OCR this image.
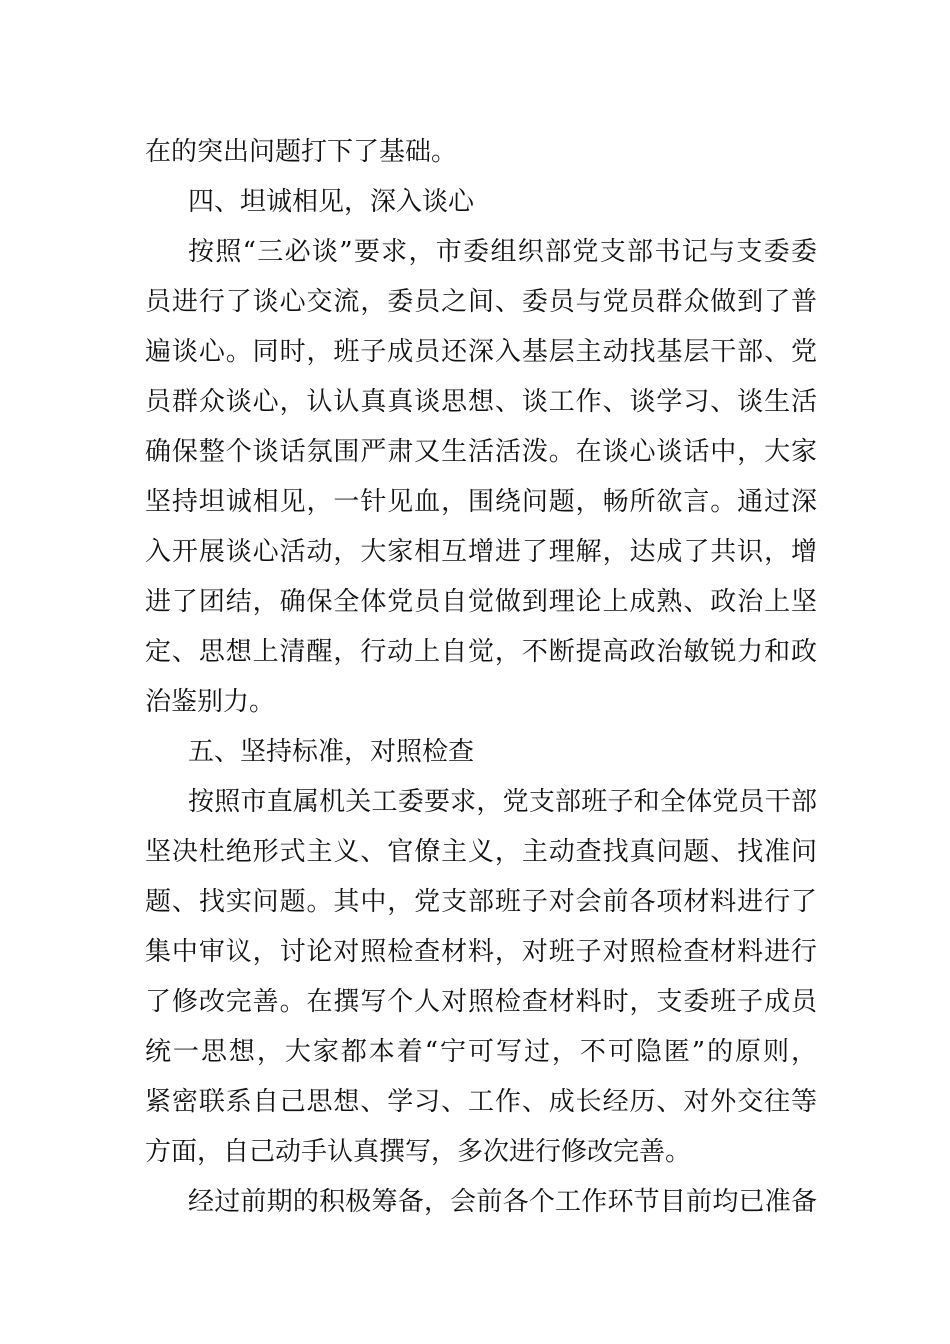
在的突出问题打下了基础。
四、坦诚相见，深入谈心
按照“三必谈”要求，市委组织部党支部书记与支委委
员进行了谈心交流，委员之间、委员与党员群众做到了普
遍谈心。同时，班子成员还深入基层主动找基层干部、党
员群众谈心，认认真真谈思想、谈工作、谈学习、谈生活
确保整个谈话氛围严肃又生活活泼。在谈心谈话中，大家
坚持坦诚相见，一针见血，围绕问题，畅所欲言。通过深
入开展谈心活动，大家相互增进了理解，达成了共识，增
进了团结，确保全体党员自觉做到理论上成熟、政治上坚
定、思想上清醒，行动上自觉，不断提高政治敏锐力和政
治鉴别力。
五、坚持标准，对照检查
按照市直属机关工委要求，党支部班子和全体党员干部
坚决杜绝形式主义、官僚主义，主动查找真问题、找准问
题、找实问题。其中，党支部班子对会前各项材料进行了
集中审议，讨论对照检查材料，对班子对照检查材料进行
了修改完善。在撰写个人对照检查材料时，支委班子成员
统一思想，大家都本着“宁可写过，不可隐匿”的原则，
紧密联系自己思想、学习、工作、成长经历、对外交往等
方面，自己动手认真撰写，多次进行修改完善。
经过前期的积极筹备，会前各个工作环节目前均已准备
